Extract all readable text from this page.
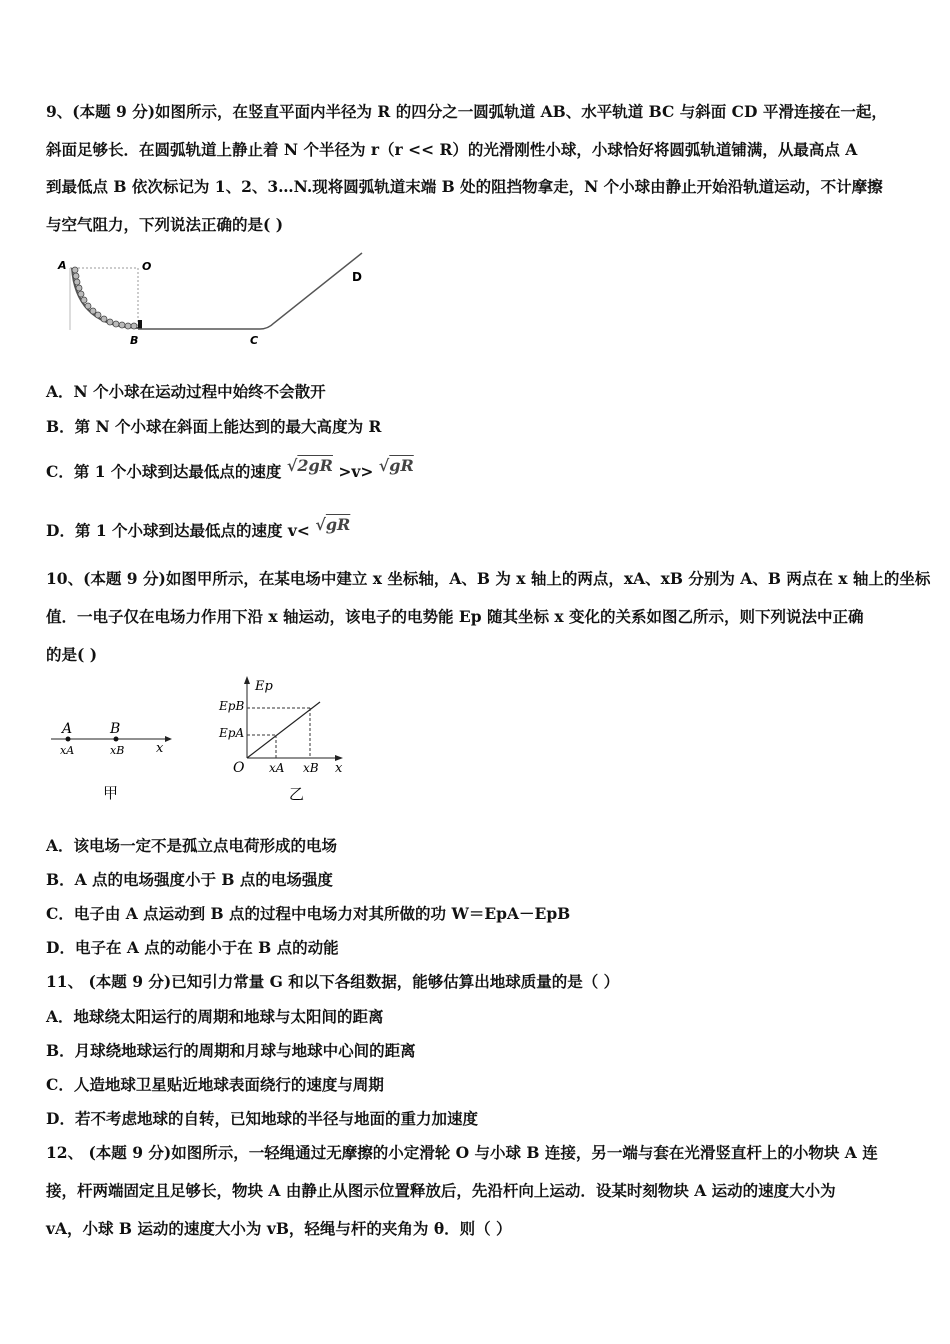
9、(本题 9 分)如图所示，在竖直平面内半径为 R 的四分之一圆弧轨道 AB、水平轨道 BC 与斜面 CD 平滑连接在一起，
斜面足够长．在圆弧轨道上静止着 N 个半径为 r（r << R）的光滑刚性小球，小球恰好将圆弧轨道铺满，从最高点 A
到最低点 B 依次标记为 1、2、3…N.现将圆弧轨道末端 B 处的阻挡物拿走，N 个小球由静止开始沿轨道运动，不计摩擦
与空气阻力，下列说法正确的是( )
A	O
B	C
D
A．N 个小球在运动过程中始终不会散开
B．第 N 个小球在斜面上能达到的最大高度为 R
C．第 1 个小球到达最低点的速度 √2gR >v> √gR
D．第 1 个小球到达最低点的速度 v< √gR
10、(本题 9 分)如图甲所示，在某电场中建立 x 坐标轴，A、B 为 x 轴上的两点，xA、xB 分别为 A、B 两点在 x 轴上的坐标
值．一电子仅在电场力作用下沿 x 轴运动，该电子的电势能 Ep 随其坐标 x 变化的关系如图乙所示，则下列说法中正确
的是( )
A	B
xA	xB x
甲
Ep
EpB
EpA
O xA xB x
乙
A．该电场一定不是孤立点电荷形成的电场
B．A 点的电场强度小于 B 点的电场强度
C．电子由 A 点运动到 B 点的过程中电场力对其所做的功 W＝EpA－EpB
D．电子在 A 点的动能小于在 B 点的动能
11、 (本题 9 分)已知引力常量 G 和以下各组数据，能够估算出地球质量的是（ ）
A．地球绕太阳运行的周期和地球与太阳间的距离
B．月球绕地球运行的周期和月球与地球中心间的距离
C．人造地球卫星贴近地球表面绕行的速度与周期
D．若不考虑地球的自转，已知地球的半径与地面的重力加速度
12、 (本题 9 分)如图所示，一轻绳通过无摩擦的小定滑轮 O 与小球 B 连接，另一端与套在光滑竖直杆上的小物块 A 连
接，杆两端固定且足够长，物块 A 由静止从图示位置释放后，先沿杆向上运动．设某时刻物块 A 运动的速度大小为
vA，小球 B 运动的速度大小为 vB，轻绳与杆的夹角为 θ．则（ ）
